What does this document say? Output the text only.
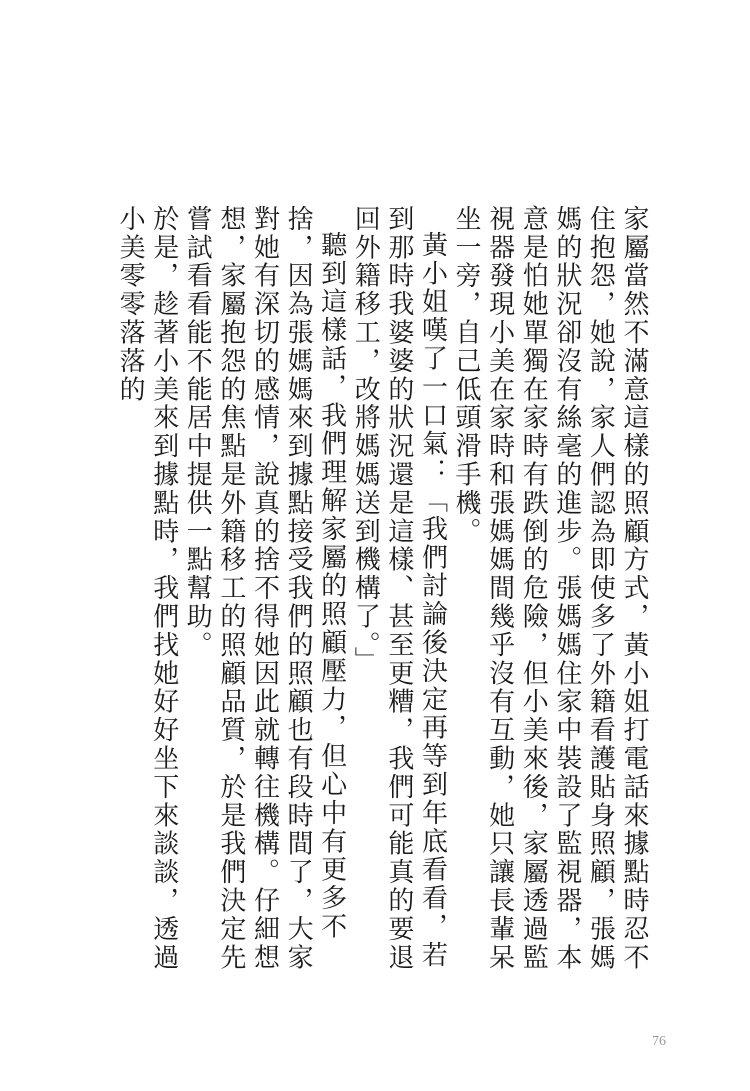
家屬當然不滿意這樣的照顧方式，黃小姐打電話來據點時忍不住抱怨，她說，家人們認為即使多了外籍看護貼身照顧，張媽媽的狀況卻沒有絲毫的進步。張媽媽住家中裝設了監視器，本意是怕她單獨在家時有跌倒的危險，但小美來後，家屬透過監視器發現小美在家時和張媽媽間幾乎沒有互動，她只讓長輩呆坐一旁，自己低頭滑手機。

黃小姐嘆了一口氣：「我們討論後決定再等到年底看看，若到那時我婆婆的狀況還是這樣、甚至更糟，我們可能真的要退回外籍移工，改將媽媽送到機構了。」

聽到這樣話，我們理解家屬的照顧壓力，但心中有更多不捨，因為張媽媽來到據點接受我們的照顧也有段時間了，大家對她有深切的感情，說真的捨不得她因此就轉往機構。仔細想想，家屬抱怨的焦點是外籍移工的照顧品質，於是我們決定先嘗試看看能不能居中提供一點幫助。

於是，趁著小美來到據點時，我們找她好好坐下來談談，透過小美零零落落的

76
